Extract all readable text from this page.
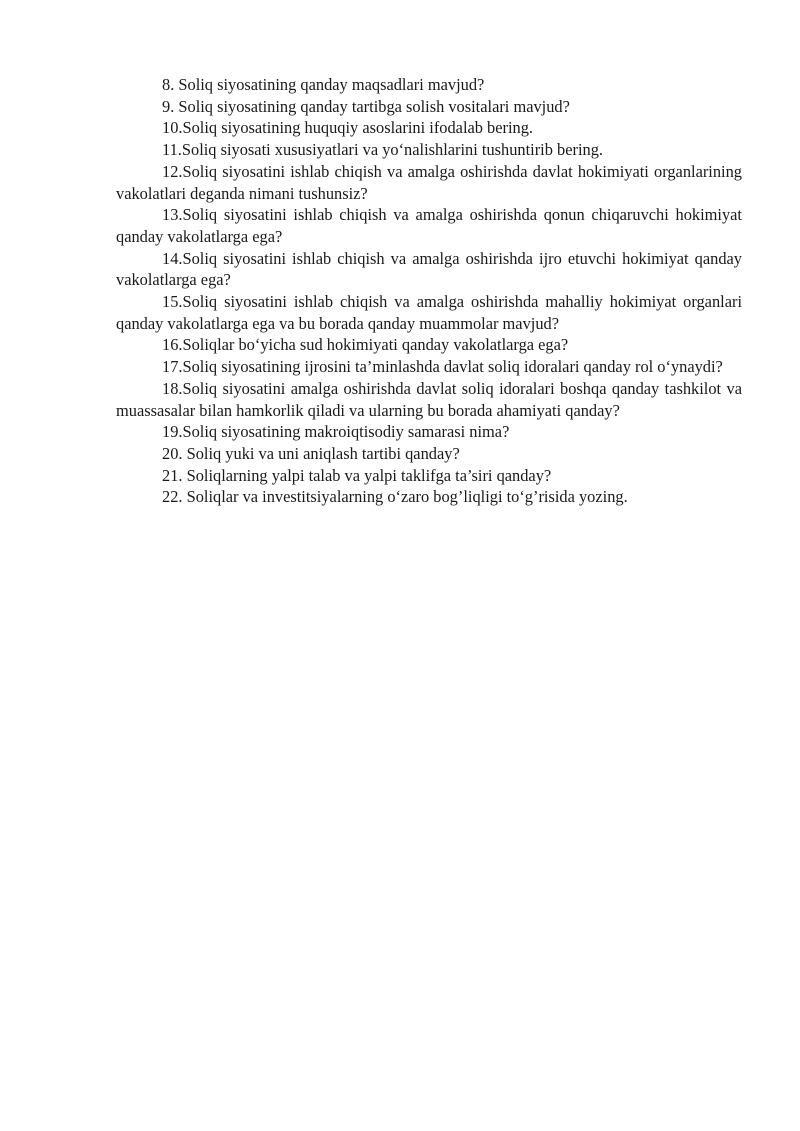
8. Soliq siyosatining qanday maqsadlari mavjud?

9. Soliq siyosatining qanday tartibga solish vositalari mavjud?

10.Soliq siyosatining huquqiy asoslarini ifodalab bering.

11.Soliq siyosati xususiyatlari va yo‘nalishlarini tushuntirib bering.

12.Soliq siyosatini ishlab chiqish va amalga oshirishda davlat hokimiyati organlarining vakolatlari deganda nimani tushunsiz?

13.Soliq siyosatini ishlab chiqish va amalga oshirishda qonun chiqaruvchi hokimiyat qanday vakolatlarga ega?

14.Soliq siyosatini ishlab chiqish va amalga oshirishda ijro etuvchi hokimiyat qanday vakolatlarga ega?

15.Soliq siyosatini ishlab chiqish va amalga oshirishda mahalliy hokimiyat organlari qanday vakolatlarga ega va bu borada qanday muammolar mavjud?

16.Soliqlar bo‘yicha sud hokimiyati qanday vakolatlarga ega?

17.Soliq siyosatining ijrosini ta’minlashda davlat soliq idoralari qanday rol o‘ynaydi?

18.Soliq siyosatini amalga oshirishda davlat soliq idoralari boshqa qanday tashkilot va muassasalar bilan hamkorlik qiladi va ularning bu borada ahamiyati qanday?

19.Soliq siyosatining makroiqtisodiy samarasi nima?

20. Soliq yuki va uni aniqlash tartibi qanday?

21. Soliqlarning yalpi talab va yalpi taklifga ta’siri qanday?

22. Soliqlar va investitsiyalarning o‘zaro bog’liqligi to‘g’risida yozing.
